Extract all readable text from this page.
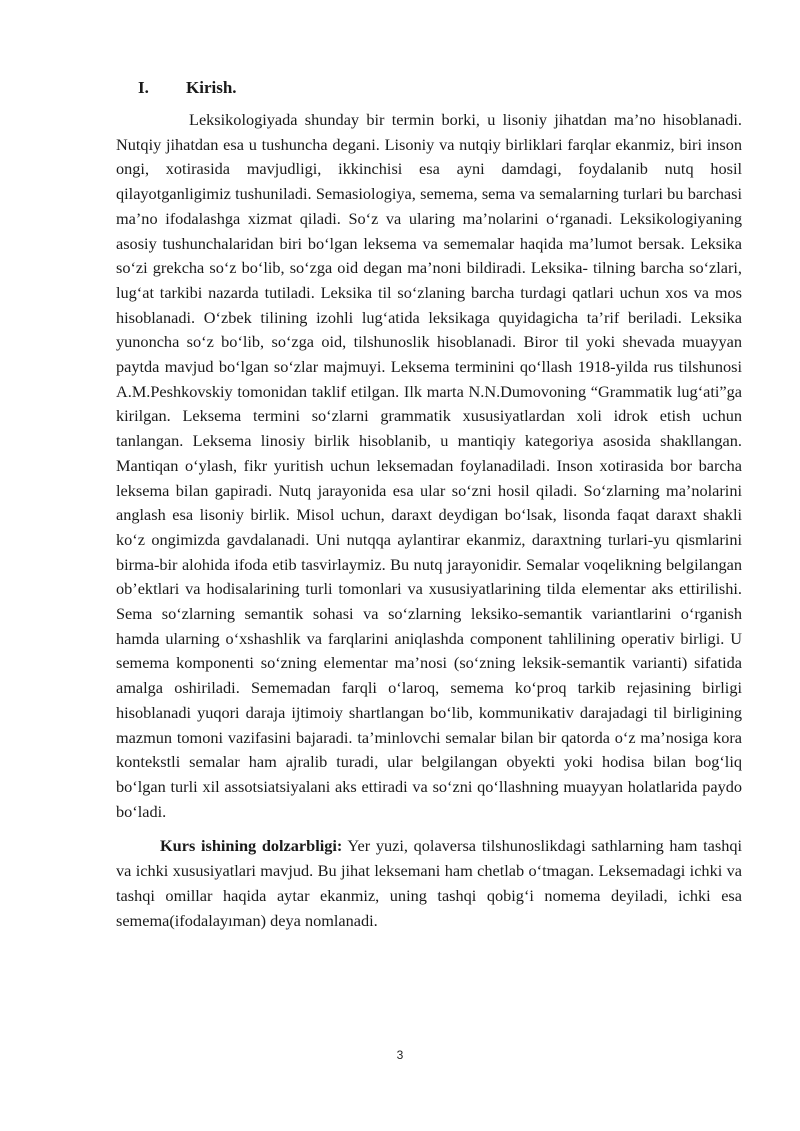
I.	Kirish.

Leksikologiyada shunday bir termin borki, u lisoniy jihatdan ma’no hisoblanadi. Nutqiy jihatdan esa u tushuncha degani. Lisoniy va nutqiy birliklari farqlar ekanmiz, biri inson ongi, xotirasida mavjudligi, ikkinchisi esa ayni damdagi, foydalanib nutq hosil qilayotganligimiz tushuniladi. Semasiologiya, semema, sema va semalarning turlari bu barchasi ma’no ifodalashga xizmat qiladi. So‘z va ularing ma’nolarini o‘rganadi. Leksikologiyaning asosiy tushunchalaridan biri bo‘lgan leksema va sememalar haqida ma’lumot bersak. Leksika so‘zi grekcha so‘z bo‘lib, so‘zga oid degan ma’noni bildiradi. Leksika- tilning barcha so‘zlari, lug‘at tarkibi nazarda tutiladi. Leksika til so‘zlaning barcha turdagi qatlari uchun xos va mos hisoblanadi. O‘zbek tilining izohli lug‘atida leksikaga quyidagicha ta’rif beriladi. Leksika yunoncha so‘z bo‘lib, so‘zga oid, tilshunoslik hisoblanadi. Biror til yoki shevada muayyan paytda mavjud bo‘lgan so‘zlar majmuyi. Leksema terminini qo‘llash 1918-yilda rus tilshunosi A.M.Peshkovskiy tomonidan taklif etilgan. Ilk marta N.N.Dumovoning “Grammatik lug‘ati”ga kirilgan. Leksema termini so‘zlarni grammatik xususiyatlardan xoli idrok etish uchun tanlangan. Leksema linosiy birlik hisoblanib, u mantiqiy kategoriya asosida shakllangan. Mantiqan o‘ylash, fikr yuritish uchun leksemadan foylanadiladi. Inson xotirasida bor barcha leksema bilan gapiradi. Nutq jarayonida esa ular so‘zni hosil qiladi. So‘zlarning ma’nolarini anglash esa lisoniy birlik. Misol uchun, daraxt deydigan bo‘lsak, lisonda faqat daraxt shakli ko‘z ongimizda gavdalanadi. Uni nutqqa aylantirar ekanmiz, daraxtning turlari-yu qismlarini birma-bir alohida ifoda etib tasvirlaymiz. Bu nutq jarayonidir. Semalar voqelikning belgilangan ob’ektlari va hodisalarining turli tomonlari va xususiyatlarining tilda elementar aks ettirilishi. Sema so‘zlarning semantik sohasi va so‘zlarning leksiko-semantik variantlarini o‘rganish hamda ularning o‘xshashlik va farqlarini aniqlashda component tahlilining operativ birligi. U semema komponenti so‘zning elementar ma’nosi (so‘zning leksik-semantik varianti) sifatida amalga oshiriladi. Sememadan farqli o‘laroq, semema ko‘proq tarkib rejasining birligi hisoblanadi yuqori daraja ijtimoiy shartlangan bo‘lib, kommunikativ darajadagi til birligining mazmun tomoni vazifasini bajaradi. ta’minlovchi semalar bilan bir qatorda o‘z ma’nosiga kora kontekstli semalar ham ajralib turadi, ular belgilangan obyekti yoki hodisa bilan bog‘liq bo‘lgan turli xil assotsiatsiyalani aks ettiradi va so‘zni qo‘llashning muayyan holatlarida paydo bo‘ladi.

Kurs ishining dolzarbligi: Yer yuzi, qolaversa tilshunoslikdagi sathlarning ham tashqi va ichki xususiyatlari mavjud. Bu jihat leksemani ham chetlab o‘tmagan. Leksemadagi ichki va tashqi omillar haqida aytar ekanmiz, uning tashqi qobig‘i nomema deyiladi, ichki esa semema(ifodalayıman) deya nomlanadi.

3
